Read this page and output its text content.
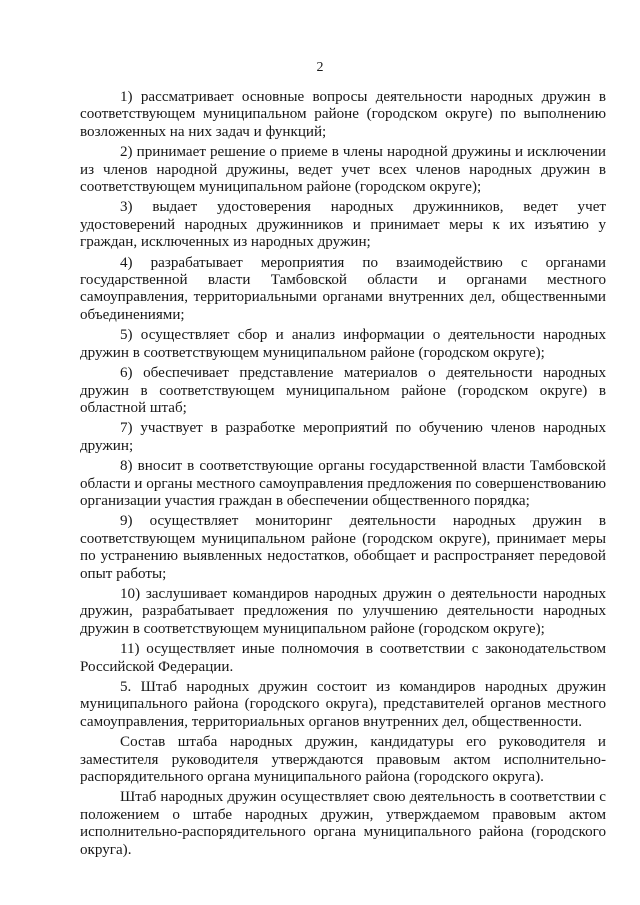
2

1) рассматривает основные вопросы деятельности народных дружин в соответствующем муниципальном районе (городском округе) по выполнению возложенных на них задач и функций;

2) принимает решение о приеме в члены народной дружины и исключении из членов народной дружины, ведет учет всех членов народных дружин в соответствующем муниципальном районе (городском округе);

3) выдает удостоверения народных дружинников, ведет учет удостоверений народных дружинников и принимает меры к их изъятию у граждан, исключенных из народных дружин;

4) разрабатывает мероприятия по взаимодействию с органами государственной власти Тамбовской области и органами местного самоуправления, территориальными органами внутренних дел, общественными объединениями;

5) осуществляет сбор и анализ информации о деятельности народных дружин в соответствующем муниципальном районе (городском округе);

6) обеспечивает представление материалов о деятельности народных дружин в соответствующем муниципальном районе (городском округе) в областной штаб;

7) участвует в разработке мероприятий по обучению членов народных дружин;

8) вносит в соответствующие органы государственной власти Тамбовской области и органы местного самоуправления предложения по совершенствованию организации участия граждан в обеспечении общественного порядка;

9) осуществляет мониторинг деятельности народных дружин в соответствующем муниципальном районе (городском округе), принимает меры по устранению выявленных недостатков, обобщает и распространяет передовой опыт работы;

10) заслушивает командиров народных дружин о деятельности народных дружин, разрабатывает предложения по улучшению деятельности народных дружин в соответствующем муниципальном районе (городском округе);

11) осуществляет иные полномочия в соответствии с законодательством Российской Федерации.

5. Штаб народных дружин состоит из командиров народных дружин муниципального района (городского округа), представителей органов местного самоуправления, территориальных органов внутренних дел, общественности.

Состав штаба народных дружин, кандидатуры его руководителя и заместителя руководителя утверждаются правовым актом исполнительно-распорядительного органа муниципального района (городского округа).

Штаб народных дружин осуществляет свою деятельность в соответствии с положением о штабе народных дружин, утверждаемом правовым актом исполнительно-распорядительного органа муниципального района (городского округа).
